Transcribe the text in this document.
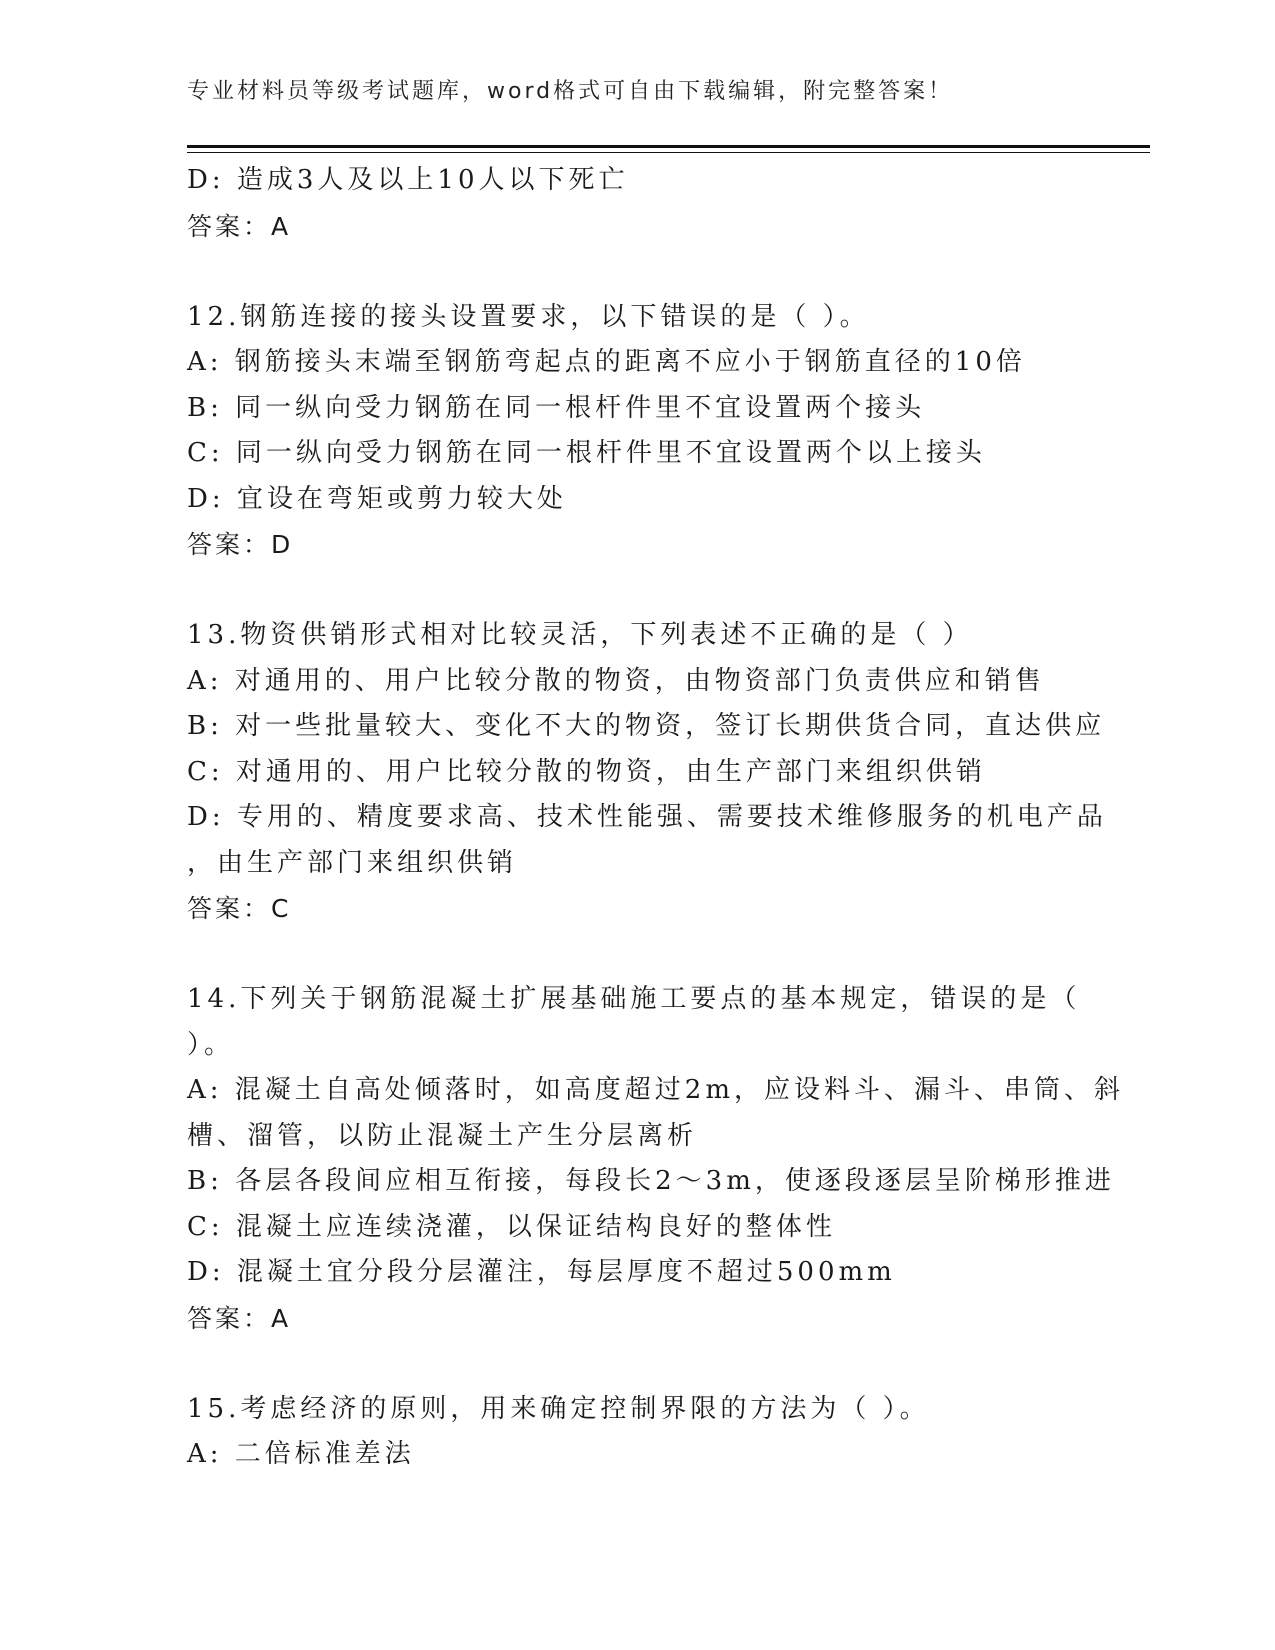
专业材料员等级考试题库，word格式可自由下载编辑，附完整答案！
D: 造成3人及以上10人以下死亡
答案：A
12.钢筋连接的接头设置要求，以下错误的是（ ）。
A: 钢筋接头末端至钢筋弯起点的距离不应小于钢筋直径的10倍
B: 同一纵向受力钢筋在同一根杆件里不宜设置两个接头
C: 同一纵向受力钢筋在同一根杆件里不宜设置两个以上接头
D: 宜设在弯矩或剪力较大处
答案：D
13.物资供销形式相对比较灵活，下列表述不正确的是（ ）
A: 对通用的、用户比较分散的物资，由物资部门负责供应和销售
B: 对一些批量较大、变化不大的物资，签订长期供货合同，直达供应
C: 对通用的、用户比较分散的物资，由生产部门来组织供销
D: 专用的、精度要求高、技术性能强、需要技术维修服务的机电产品
，由生产部门来组织供销
答案：C
14.下列关于钢筋混凝土扩展基础施工要点的基本规定，错误的是（
）。
A: 混凝土自高处倾落时，如高度超过2m，应设料斗、漏斗、串筒、斜
槽、溜管，以防止混凝土产生分层离析
B: 各层各段间应相互衔接，每段长2～3m，使逐段逐层呈阶梯形推进
C: 混凝土应连续浇灌，以保证结构良好的整体性
D: 混凝土宜分段分层灌注，每层厚度不超过500mm
答案：A
15.考虑经济的原则，用来确定控制界限的方法为（ ）。
A: 二倍标准差法
